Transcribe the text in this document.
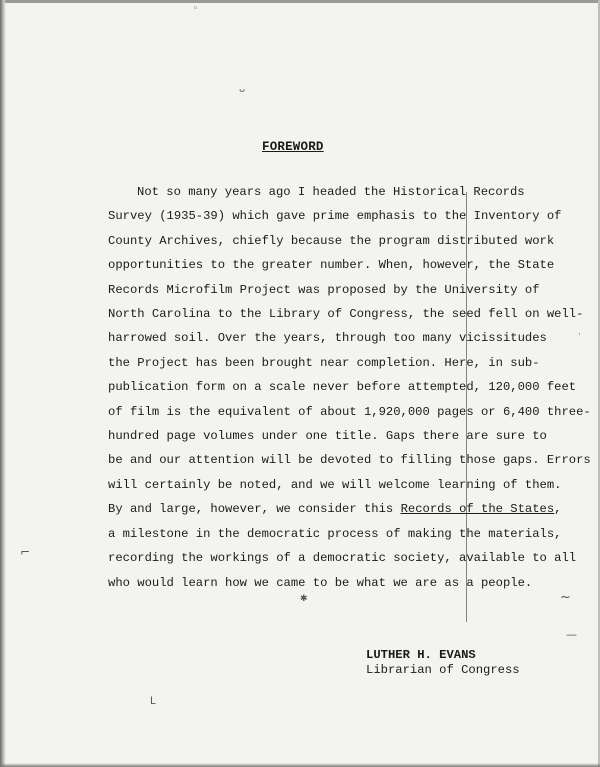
◦
ᴗ
·
⌐
~
—
ᒪ
✱
FOREWORD
Not so many years ago I headed the Historical Records
Survey (1935-39) which gave prime emphasis to the Inventory of
County Archives, chiefly because the program distributed work
opportunities to the greater number. When, however, the State
Records Microfilm Project was proposed by the University of
North Carolina to the Library of Congress, the seed fell on well-
harrowed soil. Over the years, through too many vicissitudes
the Project has been brought near completion. Here, in sub-
publication form on a scale never before attempted, 120,000 feet
of film is the equivalent of about 1,920,000 pages or 6,400 three-
hundred page volumes under one title. Gaps there are sure to
be and our attention will be devoted to filling those gaps. Errors
will certainly be noted, and we will welcome learning of them.
By and large, however, we consider this Records of the States,
a milestone in the democratic process of making the materials,
recording the workings of a democratic society, available to all
who would learn how we came to be what we are as a people.
LUTHER H. EVANS
Librarian of Congress
